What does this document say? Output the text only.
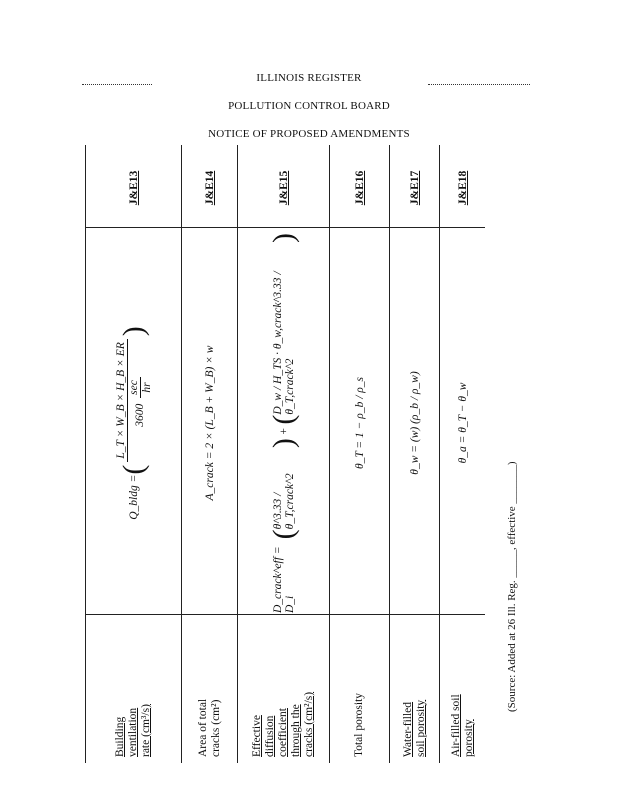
ILLINOIS REGISTER
POLLUTION CONTROL BOARD
NOTICE OF PROPOSED AMENDMENTS
Building ventilation rate (cm³/s)
Q_bldg =
(
L_T × W_B × H_B × ER 3600
sec hr
)
J&E13
Area of total cracks (cm²)
A_crack = 2 × (L_B + W_B) × w
J&E14
Effective diffusion coefficient through the cracks (cm²/s)
D_crack^eff = D_i
(
θ^3.33 / θ_T,crack^2
)
+
(
D_w / H_TS · θ_w,crack^3.33 / θ_T,crack^2
)
J&E15
Total porosity
θ_T = 1 − ρ_b / ρ_s
J&E16
Water-filled soil porosity
θ_w = (w) (ρ_b / ρ_w)
J&E17
Air-filled soil porosity
θ_a = θ_T − θ_w
J&E18
(Source: Added at 26 Ill. Reg. _____, effective _______)
